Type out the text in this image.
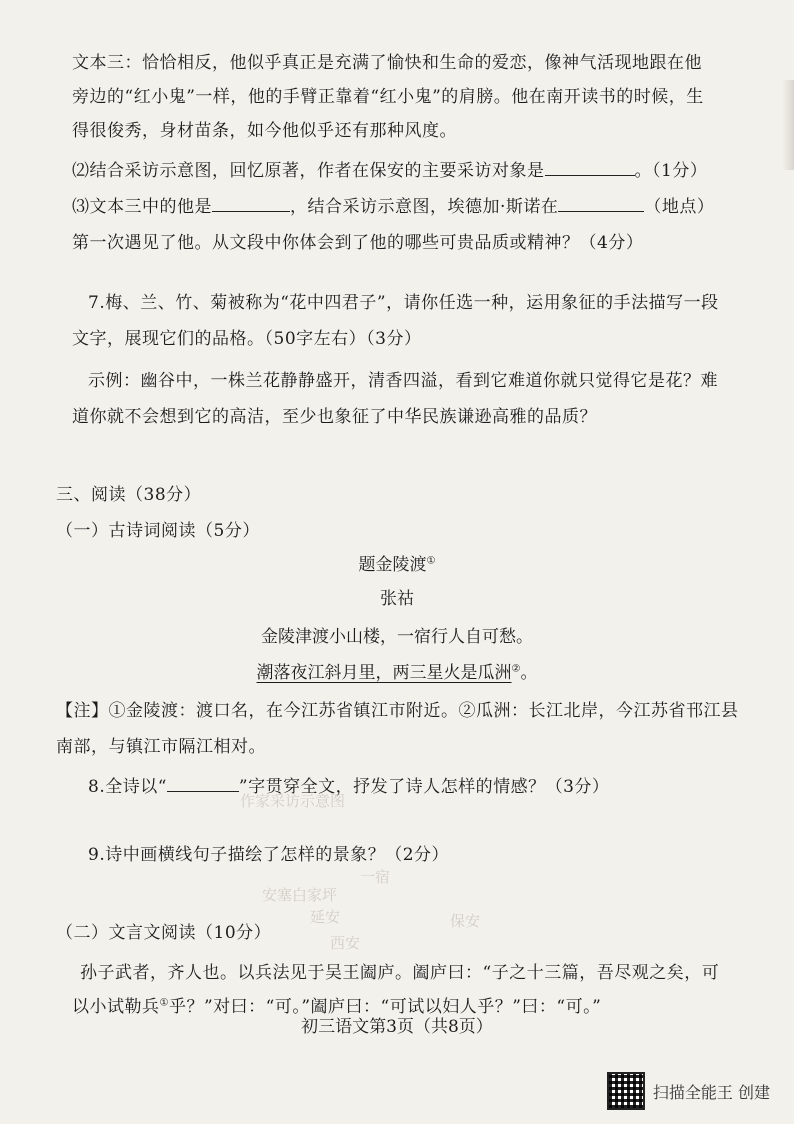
作家采访示意图
一宿
安塞白家坪
延安	保安
西安
文本三：恰恰相反，他似乎真正是充满了愉快和生命的爱恋，像神气活现地跟在他
旁边的“红小鬼”一样，他的手臂正靠着“红小鬼”的肩膀。他在南开读书的时候，生
得很俊秀，身材苗条，如今他似乎还有那种风度。
⑵结合采访示意图，回忆原著，作者在保安的主要采访对象是	。（1分）
⑶文本三中的他是	，结合采访示意图，埃德加·斯诺在	（地点）
第一次遇见了他。从文段中你体会到了他的哪些可贵品质或精神？（4分）
7.梅、兰、竹、菊被称为“花中四君子”，请你任选一种，运用象征的手法描写一段
文字，展现它们的品格。（50字左右）（3分）
示例：幽谷中，一株兰花静静盛开，清香四溢，看到它难道你就只觉得它是花？难
道你就不会想到它的高洁，至少也象征了中华民族谦逊高雅的品质？
三、阅读（38分）
（一）古诗词阅读（5分）
题金陵渡①
张祜
金陵津渡小山楼，一宿行人自可愁。
潮落夜江斜月里，两三星火是瓜洲②。
【注】①金陵渡：渡口名，在今江苏省镇江市附近。②瓜洲：长江北岸，今江苏省邗江县
南部，与镇江市隔江相对。
8.全诗以“	”字贯穿全文，抒发了诗人怎样的情感？（3分）
9.诗中画横线句子描绘了怎样的景象？（2分）
（二）文言文阅读（10分）
孙子武者，齐人也。以兵法见于吴王阖庐。阖庐曰：“子之十三篇，吾尽观之矣，可
以小试勒兵①乎？”对曰：“可。”阖庐曰：“可试以妇人乎？”曰：“可。”
初三语文第3页（共8页）
扫描全能王 创建
